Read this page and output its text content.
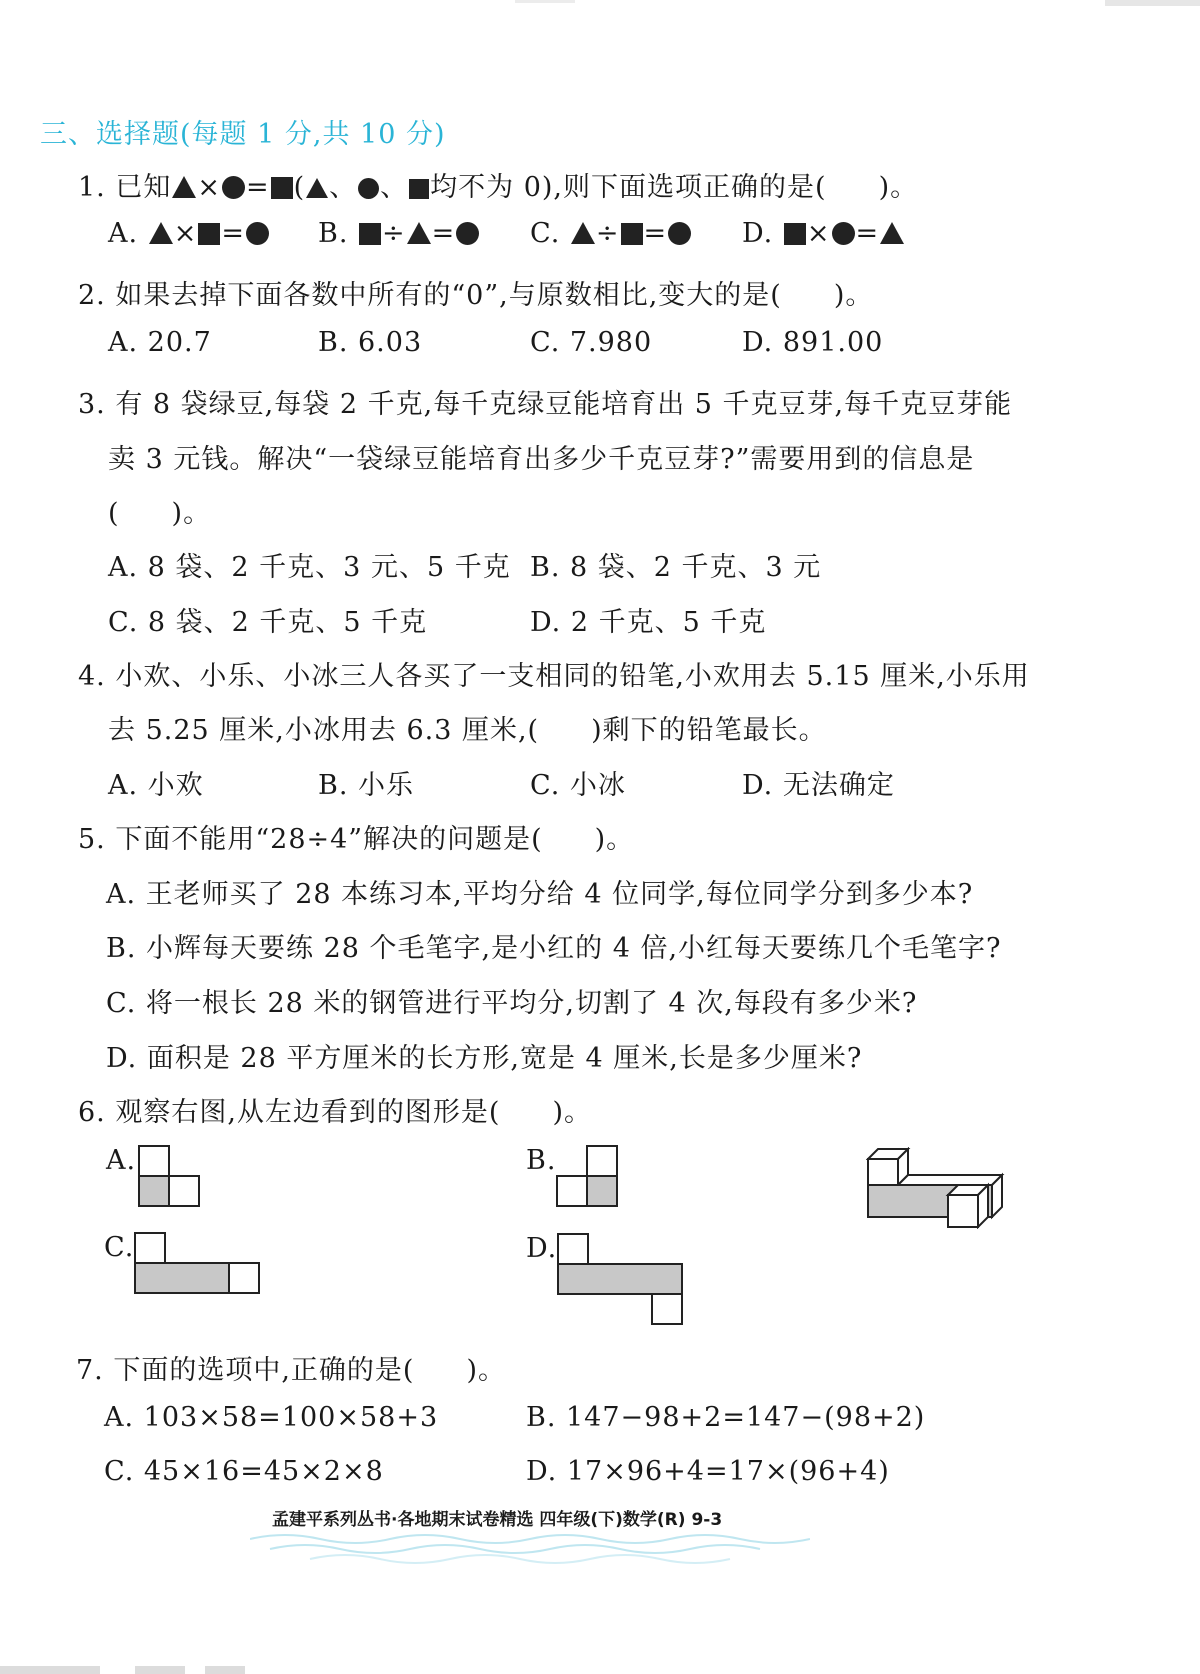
三、选择题(每题 1 分,共 10 分)
1. 已知 × = ( 、 、 均不为 0),则下面选项正确的是( )。
A. × =	B. ÷ =	C. ÷ =	D. × =
2. 如果去掉下面各数中所有的“0”,与原数相比,变大的是( )。
A. 20.7	B. 6.03	C. 7.980	D. 891.00
3. 有 8 袋绿豆,每袋 2 千克,每千克绿豆能培育出 5 千克豆芽,每千克豆芽能
卖 3 元钱。解决“一袋绿豆能培育出多少千克豆芽?”需要用到的信息是
( )。
A. 8 袋、2 千克、3 元、5 千克 B. 8 袋、2 千克、3 元
C. 8 袋、2 千克、5 千克	D. 2 千克、5 千克
4. 小欢、小乐、小冰三人各买了一支相同的铅笔,小欢用去 5.15 厘米,小乐用
去 5.25 厘米,小冰用去 6.3 厘米,( )剩下的铅笔最长。
A. 小欢	B. 小乐	C. 小冰	D. 无法确定
5. 下面不能用“28÷4”解决的问题是( )。
A. 王老师买了 28 本练习本,平均分给 4 位同学,每位同学分到多少本?
B. 小辉每天要练 28 个毛笔字,是小红的 4 倍,小红每天要练几个毛笔字?
C. 将一根长 28 米的钢管进行平均分,切割了 4 次,每段有多少米?
D. 面积是 28 平方厘米的长方形,宽是 4 厘米,长是多少厘米?
6. 观察右图,从左边看到的图形是( )。
A.	B.
C.	D.
7. 下面的选项中,正确的是( )。
A. 103×58=100×58+3	B. 147−98+2=147−(98+2)
C. 45×16=45×2×8	D. 17×96+4=17×(96+4)
孟建平系列丛书·各地期末试卷精选 四年级(下)数学(R) 9-3
